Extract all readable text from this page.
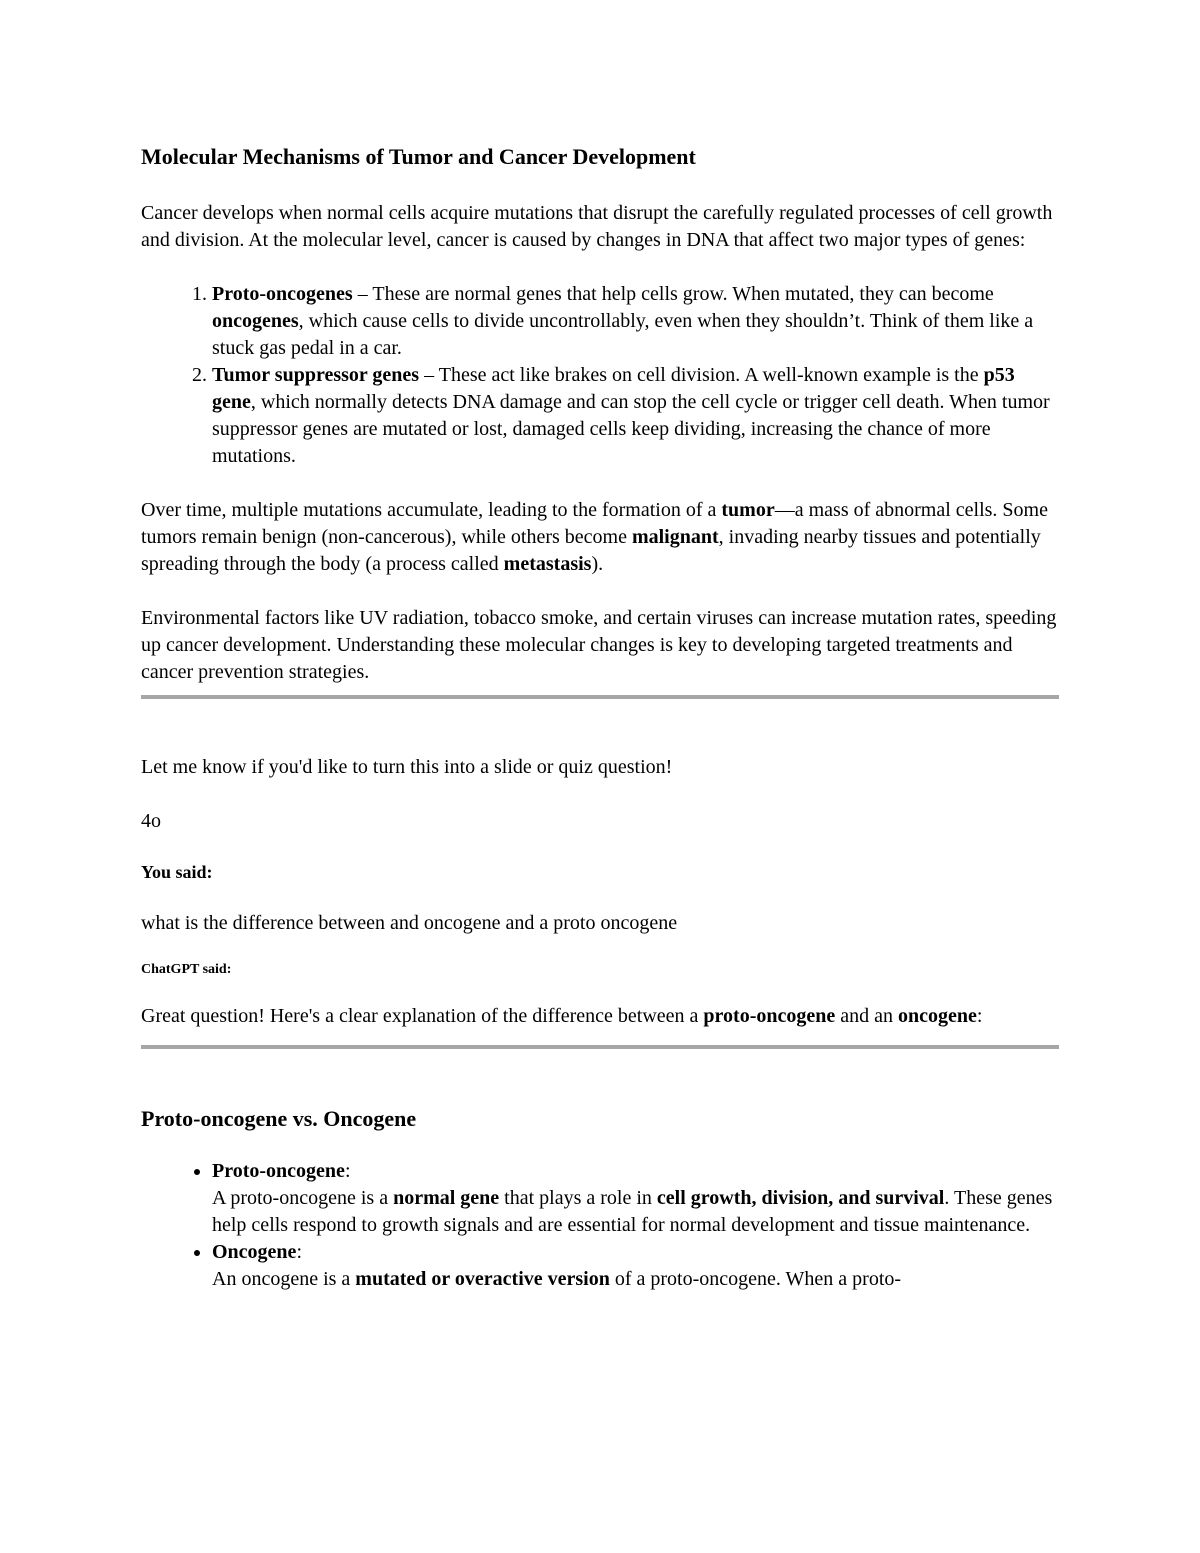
Molecular Mechanisms of Tumor and Cancer Development

Cancer develops when normal cells acquire mutations that disrupt the carefully regulated processes of cell growth and division. At the molecular level, cancer is caused by changes in DNA that affect two major types of genes:

1. Proto-oncogenes – These are normal genes that help cells grow. When mutated, they can become oncogenes, which cause cells to divide uncontrollably, even when they shouldn’t. Think of them like a stuck gas pedal in a car.
2. Tumor suppressor genes – These act like brakes on cell division. A well-known example is the p53 gene, which normally detects DNA damage and can stop the cell cycle or trigger cell death. When tumor suppressor genes are mutated or lost, damaged cells keep dividing, increasing the chance of more mutations.

Over time, multiple mutations accumulate, leading to the formation of a tumor—a mass of abnormal cells. Some tumors remain benign (non-cancerous), while others become malignant, invading nearby tissues and potentially spreading through the body (a process called metastasis).

Environmental factors like UV radiation, tobacco smoke, and certain viruses can increase mutation rates, speeding up cancer development. Understanding these molecular changes is key to developing targeted treatments and cancer prevention strategies.

Let me know if you'd like to turn this into a slide or quiz question!

4o

You said:

what is the difference between and oncogene and a proto oncogene

ChatGPT said:

Great question! Here's a clear explanation of the difference between a proto-oncogene and an oncogene:

Proto-oncogene vs. Oncogene
• Proto-oncogene:
A proto-oncogene is a normal gene that plays a role in cell growth, division, and survival. These genes help cells respond to growth signals and are essential for normal development and tissue maintenance.
• Oncogene:
An oncogene is a mutated or overactive version of a proto-oncogene. When a proto-
